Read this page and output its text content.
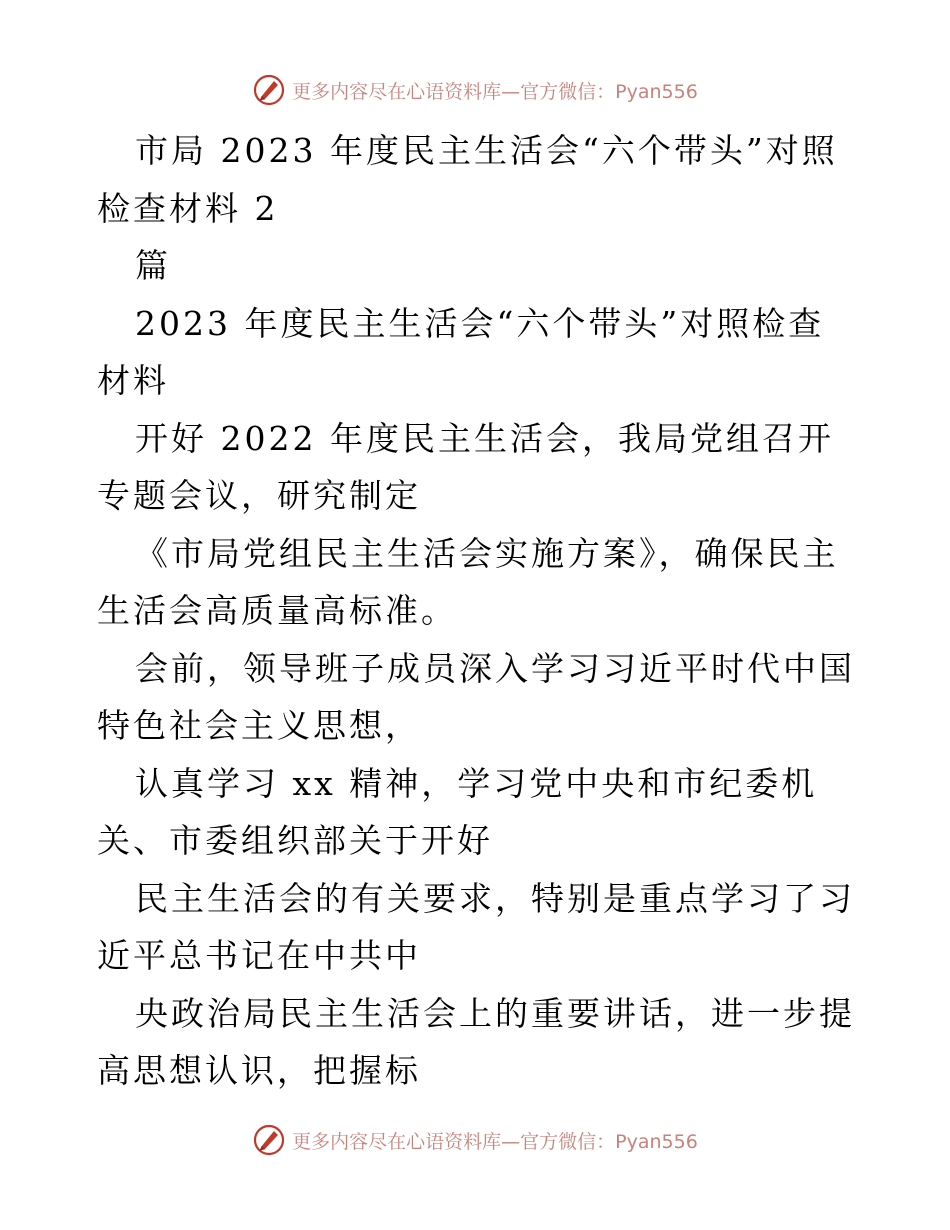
更多内容尽在心语资料库—官方微信：Pyan556

市局 2023 年度民主生活会“六个带头”对照检查材料 2

篇

2023 年度民主生活会“六个带头”对照检查材料

开好 2022 年度民主生活会，我局党组召开专题会议，研究制定

《市局党组民主生活会实施方案》，确保民主生活会高质量高标准。

会前，领导班子成员深入学习习近平时代中国特色社会主义思想，

认真学习 xx 精神，学习党中央和市纪委机关、市委组织部关于开好

民主生活会的有关要求，特别是重点学习了习近平总书记在中共中

央政治局民主生活会上的重要讲话，进一步提高思想认识，把握标

更多内容尽在心语资料库—官方微信：Pyan556
